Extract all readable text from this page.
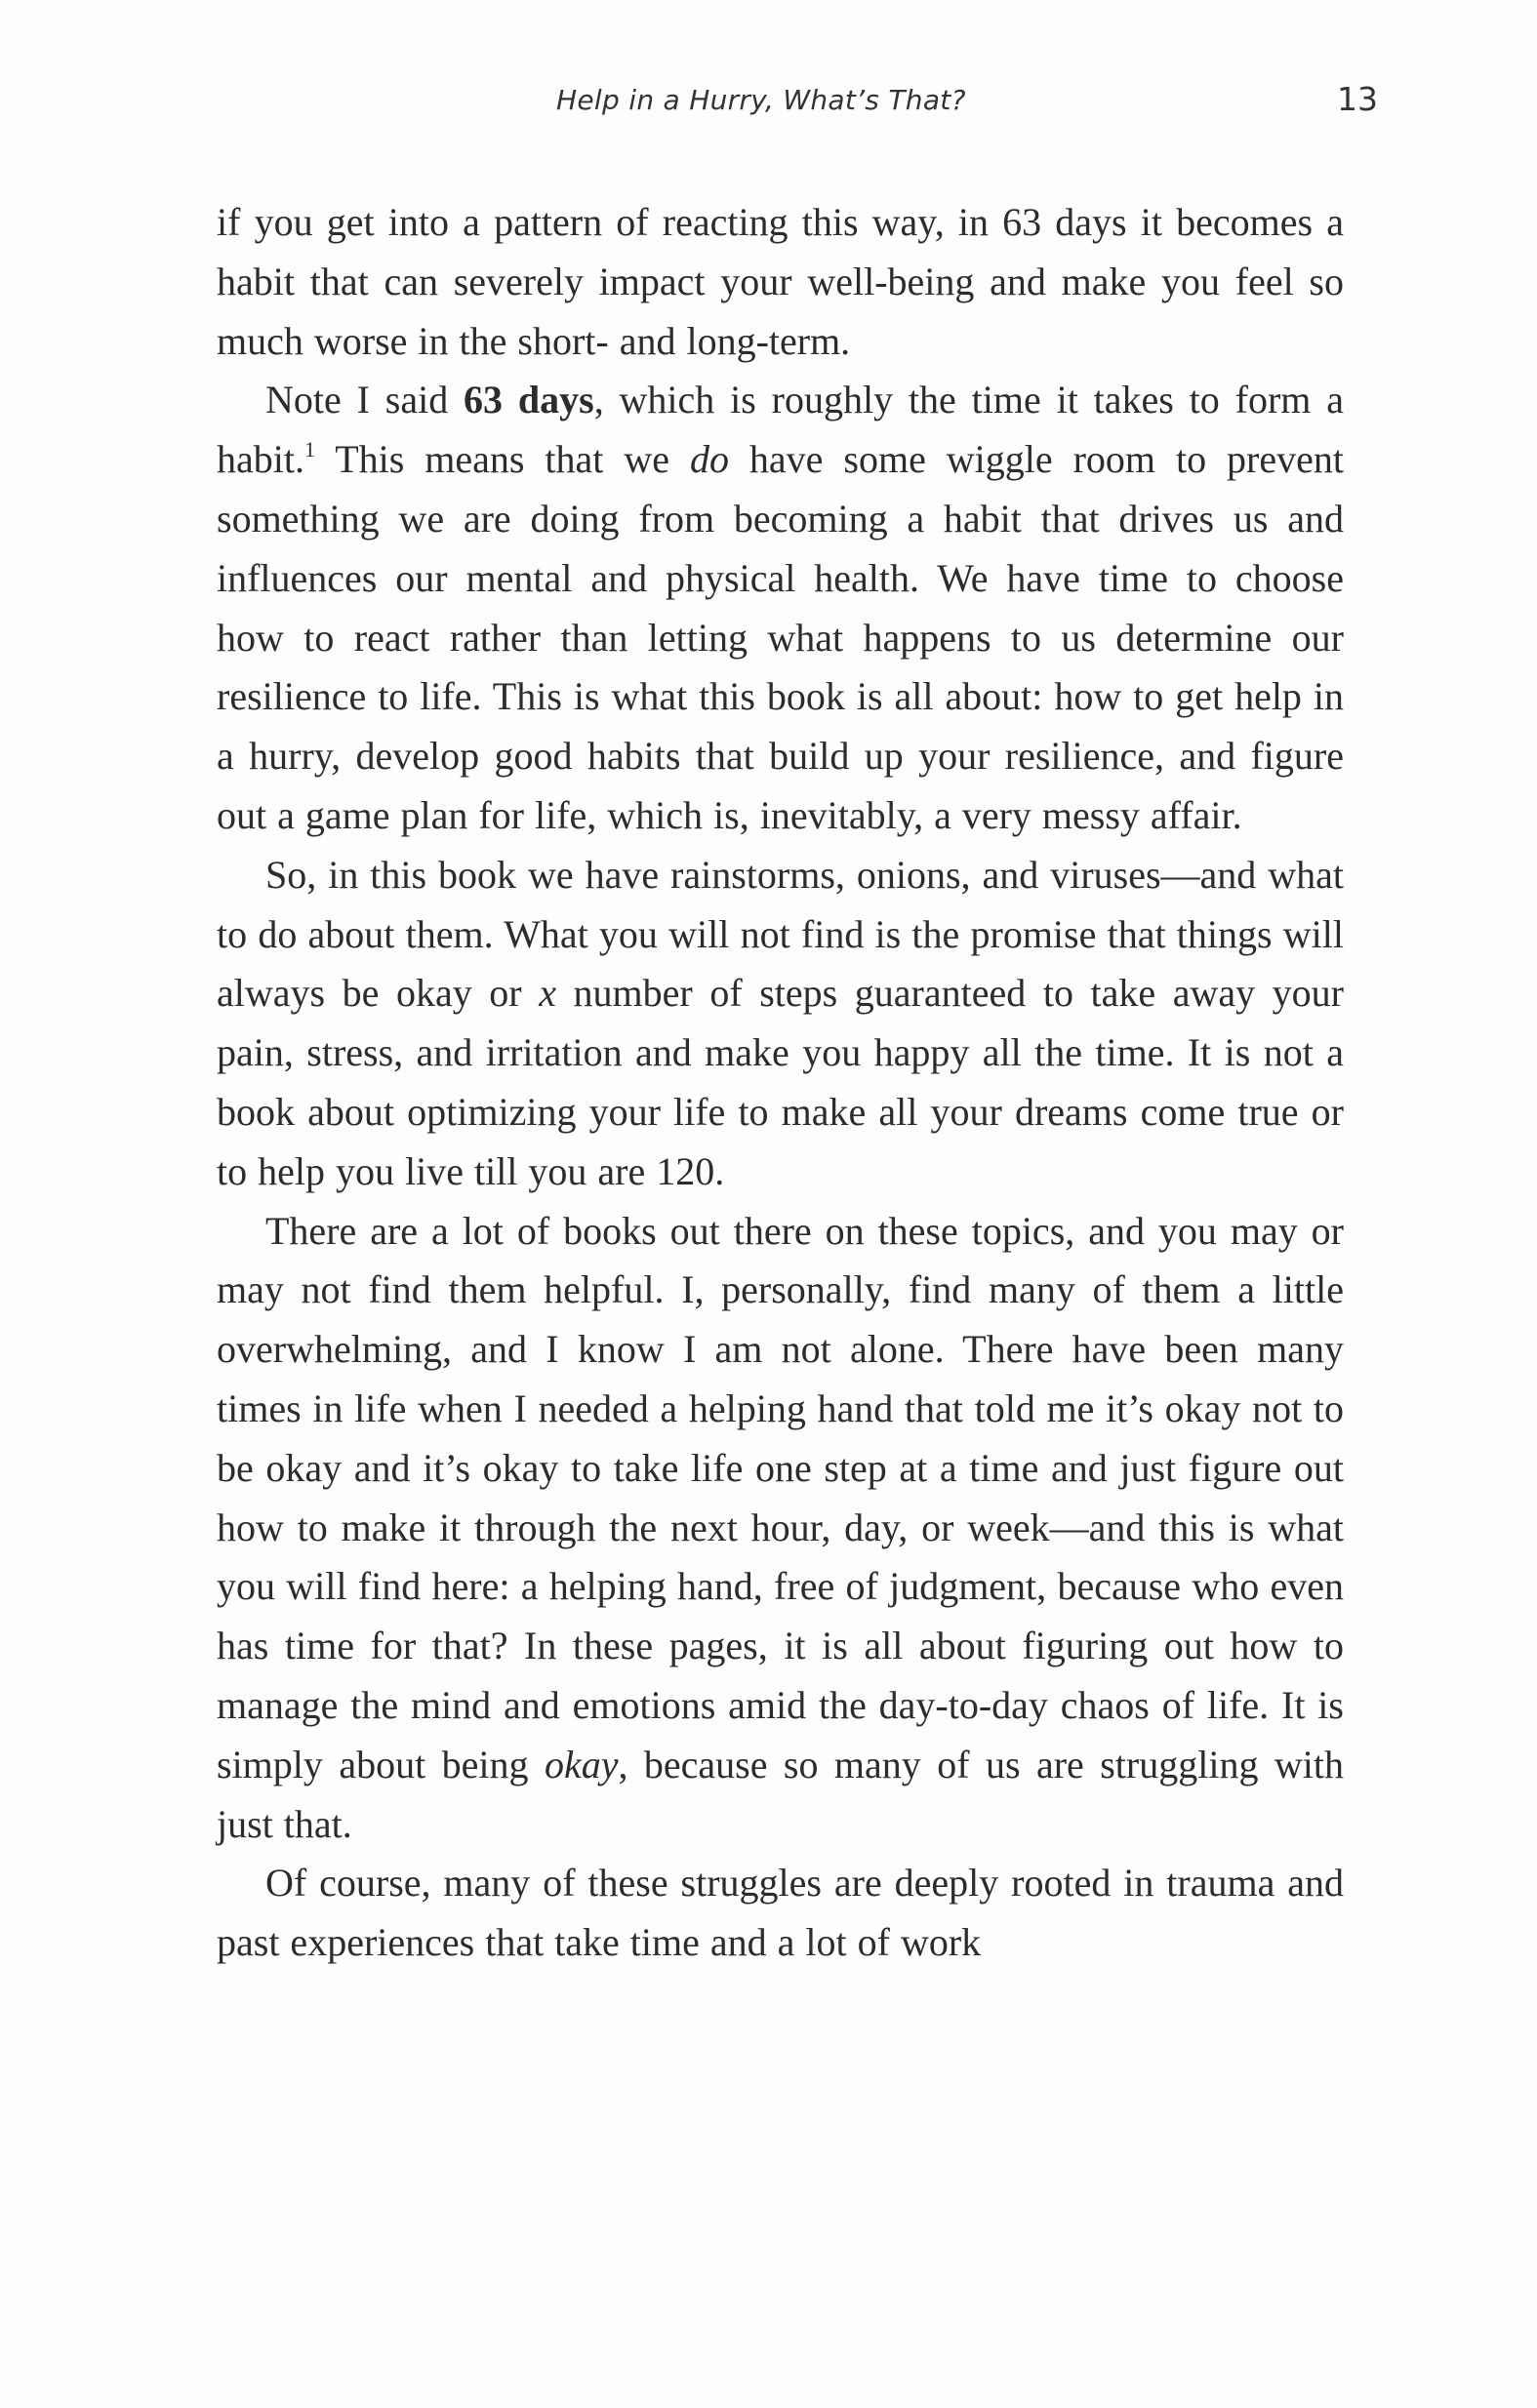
Help in a Hurry, What’s That?	13

if you get into a pattern of reacting this way, in 63 days it becomes a habit that can severely impact your well-being and make you feel so much worse in the short- and long-term.

Note I said 63 days, which is roughly the time it takes to form a habit.$^1$ This means that we do have some wiggle room to prevent something we are doing from becoming a habit that drives us and influences our mental and physical health. We have time to choose how to react rather than letting what happens to us determine our resilience to life. This is what this book is all about: how to get help in a hurry, develop good habits that build up your resilience, and figure out a game plan for life, which is, inevitably, a very messy affair.

So, in this book we have rainstorms, onions, and viruses—and what to do about them. What you will not find is the promise that things will always be okay or x number of steps guaranteed to take away your pain, stress, and irritation and make you happy all the time. It is not a book about optimizing your life to make all your dreams come true or to help you live till you are 120.

There are a lot of books out there on these topics, and you may or may not find them helpful. I, personally, find many of them a little overwhelming, and I know I am not alone. There have been many times in life when I needed a helping hand that told me it’s okay not to be okay and it’s okay to take life one step at a time and just figure out how to make it through the next hour, day, or week—and this is what you will find here: a helping hand, free of judgment, because who even has time for that? In these pages, it is all about figuring out how to manage the mind and emotions amid the day-to-day chaos of life. It is simply about being okay, because so many of us are struggling with just that.

Of course, many of these struggles are deeply rooted in trauma and past experiences that take time and a lot of work
